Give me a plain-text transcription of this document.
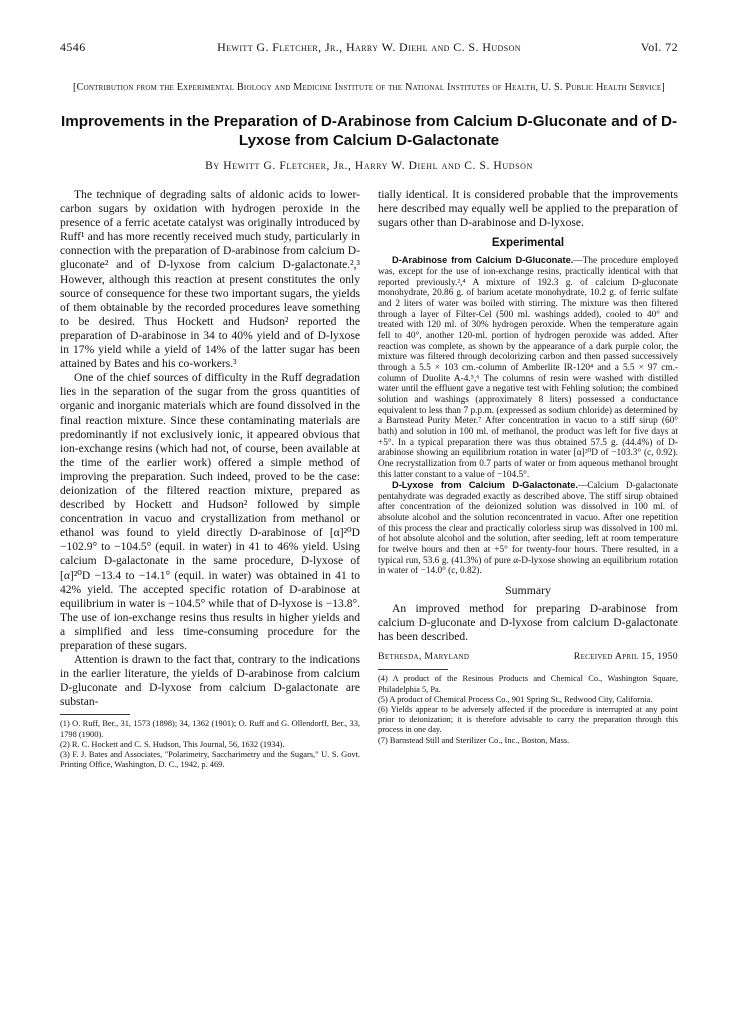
4546	Hewitt G. Fletcher, Jr., Harry W. Diehl and C. S. Hudson	Vol. 72
[Contribution from the Experimental Biology and Medicine Institute of the National Institutes of Health, U. S. Public Health Service]
Improvements in the Preparation of D-Arabinose from Calcium D-Gluconate and of D-Lyxose from Calcium D-Galactonate
By Hewitt G. Fletcher, Jr., Harry W. Diehl and C. S. Hudson

The technique of degrading salts of aldonic acids to lower-carbon sugars by oxidation with hydrogen peroxide in the presence of a ferric acetate catalyst was originally introduced by Ruff¹ and has more recently received much study, particularly in connection with the preparation of D-arabinose from calcium D-gluconate² and of D-lyxose from calcium D-galactonate.²,³ However, although this reaction at present constitutes the only source of consequence for these two important sugars, the yields of them obtainable by the recorded procedures leave something to be desired. Thus Hockett and Hudson² reported the preparation of D-arabinose in 34 to 40% yield and of D-lyxose in 17% yield while a yield of 14% of the latter sugar has been attained by Bates and his co-workers.³

One of the chief sources of difficulty in the Ruff degradation lies in the separation of the sugar from the gross quantities of organic and inorganic materials which are found dissolved in the final reaction mixture. Since these contaminating materials are predominantly if not exclusively ionic, it appeared obvious that ion-exchange resins (which had not, of course, been available at the time of the earlier work) offered a simple method of improving the preparation. Such indeed, proved to be the case: deionization of the filtered reaction mixture, prepared as described by Hockett and Hudson² followed by simple concentration in vacuo and crystallization from methanol or ethanol was found to yield directly D-arabinose of [α]²⁰D −102.9° to −104.5° (equil. in water) in 41 to 46% yield. Using calcium D-galactonate in the same procedure, D-lyxose of [α]²⁰D −13.4 to −14.1° (equil. in water) was obtained in 41 to 42% yield. The accepted specific rotation of D-arabinose at equilibrium in water is −104.5° while that of D-lyxose is −13.8°. The use of ion-exchange resins thus results in higher yields and a simplified and less time-consuming procedure for the preparation of these sugars.

Attention is drawn to the fact that, contrary to the indications in the earlier literature, the yields of D-arabinose from calcium D-gluconate and D-lyxose from calcium D-galactonate are substan-

(1) O. Ruff, Ber., 31, 1573 (1898); 34, 1362 (1901); O. Ruff and G. Ollendorff, Ber., 33, 1798 (1900).

(2) R. C. Hockett and C. S. Hudson, This Journal, 56, 1632 (1934).

(3) F. J. Bates and Associates, "Polarimetry, Saccharimetry and the Sugars," U. S. Govt. Printing Office, Washington, D. C., 1942, p. 469.

tially identical. It is considered probable that the improvements here described may equally well be applied to the preparation of sugars other than D-arabinose and D-lyxose.

Experimental

D-Arabinose from Calcium D-Gluconate.—The procedure employed was, except for the use of ion-exchange resins, practically identical with that reported previously.²,⁴ A mixture of 192.3 g. of calcium D-gluconate monohydrate, 20.86 g. of barium acetate monohydrate, 10.2 g. of ferric sulfate and 2 liters of water was boiled with stirring. The mixture was then filtered through a layer of Filter-Cel (500 ml. washings added), cooled to 40° and treated with 120 ml. of 30% hydrogen peroxide. When the temperature again fell to 40°, another 120-ml. portion of hydrogen peroxide was added. After reaction was complete, as shown by the appearance of a dark purple color, the mixture was filtered through decolorizing carbon and then passed successively through a 5.5 × 103 cm.-column of Amberlite IR-120⁴ and a 5.5 × 97 cm.-column of Duolite A-4.⁵,⁶ The columns of resin were washed with distilled water until the effluent gave a negative test with Fehling solution; the combined solution and washings (approximately 8 liters) possessed a conductance equivalent to less than 7 p.p.m. (expressed as sodium chloride) as determined by a Barnstead Purity Meter.⁷ After concentration in vacuo to a stiff sirup (60° bath) and solution in 100 ml. of methanol, the product was left for five days at +5°. In a typical preparation there was thus obtained 57.5 g. (44.4%) of D-arabinose showing an equilibrium rotation in water [α]²⁰D of −103.3° (c, 0.92). One recrystallization from 0.7 parts of water or from aqueous methanol brought this latter constant to a value of −104.5°.

D-Lyxose from Calcium D-Galactonate.—Calcium D-galactonate pentahydrate was degraded exactly as described above. The stiff sirup obtained after concentration of the deionized solution was dissolved in 100 ml. of absolute alcohol and the solution reconcentrated in vacuo. After one repetition of this process the clear and practically colorless sirup was dissolved in 100 ml. of hot absolute alcohol and the solution, after seeding, left at room temperature for twelve hours and then at +5° for twenty-four hours. There resulted, in a typical run, 53.6 g. (41.3%) of pure α-D-lyxose showing an equilibrium rotation in water of −14.0° (c, 0.82).

Summary

An improved method for preparing D-arabinose from calcium D-gluconate and D-lyxose from calcium D-galactonate has been described.

Bethesda, Maryland	Received April 15, 1950

(4) A product of the Resinous Products and Chemical Co., Washington Square, Philadelphia 5, Pa.

(5) A product of Chemical Process Co., 901 Spring St., Redwood City, California.

(6) Yields appear to be adversely affected if the procedure is interrupted at any point prior to deionization; it is therefore advisable to carry the preparation through this process in one day.

(7) Barnstead Still and Sterilizer Co., Inc., Boston, Mass.
